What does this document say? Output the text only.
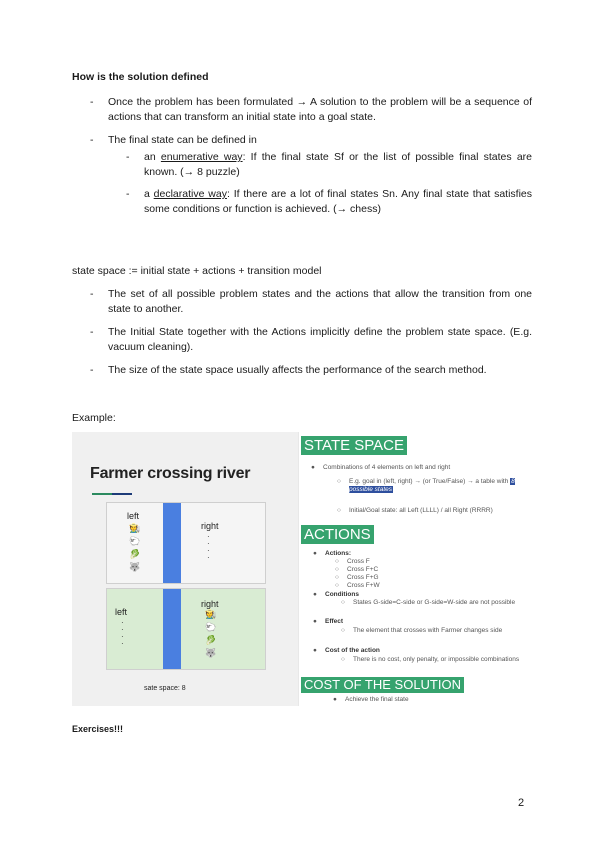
How is the solution defined
- Once the problem has been formulated → A solution to the problem will be a sequence of actions that can transform an initial state into a goal state.
- The final state can be defined in
- an enumerative way: If the final state Sf or the list of possible final states are known. (→ 8 puzzle)
- a declarative way: If there are a lot of final states Sn. Any final state that satisfies some conditions or function is achieved. (→ chess)
state space := initial state + actions + transition model
- The set of all possible problem states and the actions that allow the transition from one state to another.
- The Initial State together with the Actions implicitly define the problem state space. (E.g. vacuum cleaning).
- The size of the state space usually affects the performance of the search method.
Example:
Farmer crossing river
left
🧑‍🌾
🐑
🥬
🐺
right
·
·
·
·
left
·
·
·
·
right
🧑‍🌾
🐑
🥬
🐺
sate space: 8
STATE SPACE
● Combinations of 4 elements on left and right
○ E.g. goal in (left, right) → (or True/False) → a table with 8 possible states
○ Initial/Goal state: all Left (LLLL) / all Right (RRRR)
ACTIONS
● Actions:
○ Cross F
○ Cross F+C
○ Cross F+G
○ Cross F+W
● Conditions
○ States G-side=C-side or G-side=W-side are not possible
● Effect
○ The element that crosses with Farmer changes side
● Cost of the action
○ There is no cost, only penalty, or impossible combinations
COST OF THE SOLUTION
● Achieve the final state
Exercises!!!
2
